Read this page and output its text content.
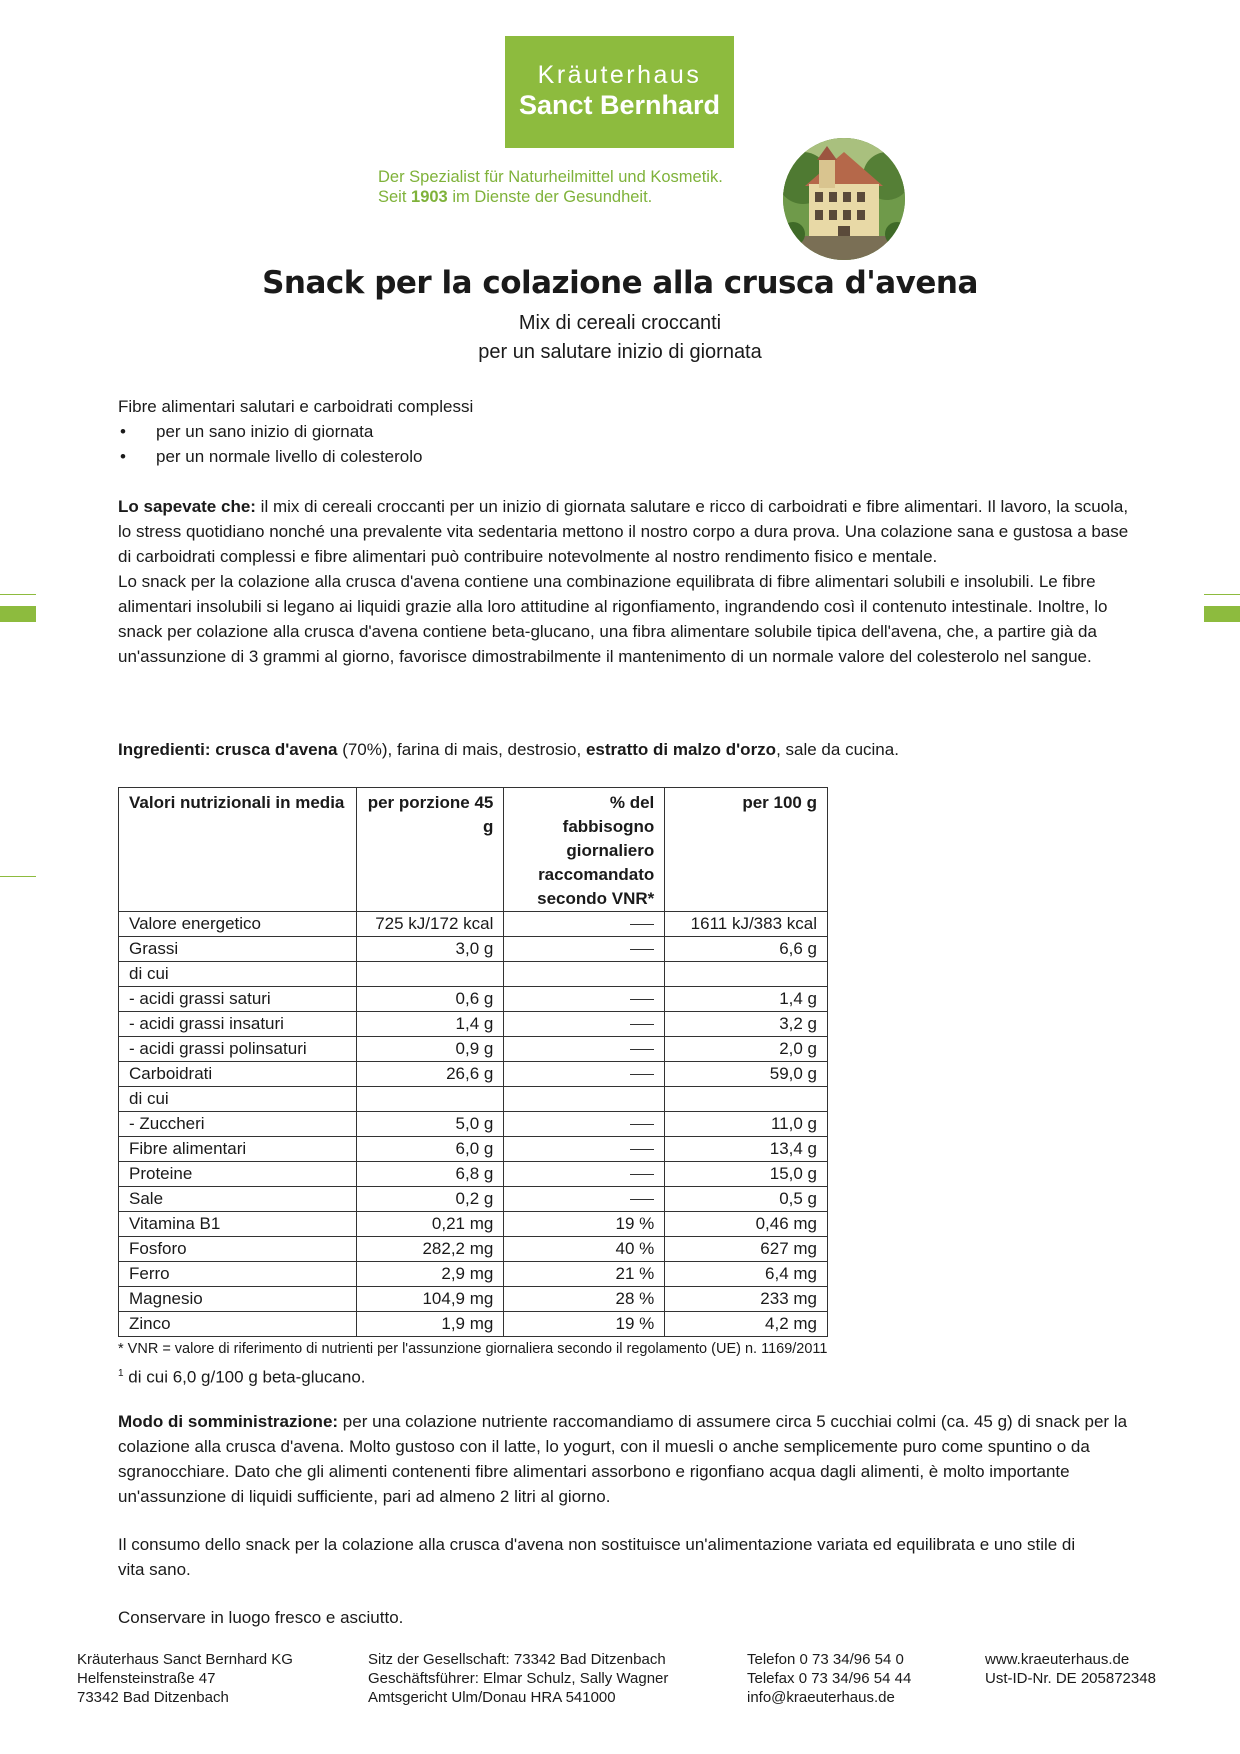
Kräuterhaus
Sanct Bernhard
Der Spezialist für Naturheilmittel und Kosmetik.
Seit 1903 im Dienste der Gesundheit.
Snack per la colazione alla crusca d'avena
Mix di cereali croccanti
per un salutare inizio di giornata

Fibre alimentari salutari e carboidrati complessi

• per un sano inizio di giornata

• per un normale livello di colesterolo

Lo sapevate che: il mix di cereali croccanti per un inizio di giornata salutare e ricco di carboidrati e fibre alimentari. Il lavoro, la scuola, lo stress quotidiano nonché una prevalente vita sedentaria mettono il nostro corpo a dura prova. Una colazione sana e gustosa a base di carboidrati complessi e fibre alimentari può contribuire notevolmente al nostro rendimento fisico e mentale.

Lo snack per la colazione alla crusca d'avena contiene una combinazione equilibrata di fibre alimentari solubili e insolubili. Le fibre alimentari insolubili si legano ai liquidi grazie alla loro attitudine al rigonfiamento, ingrandendo così il contenuto intestinale. Inoltre, lo snack per colazione alla crusca d'avena contiene beta-glucano, una fibra alimentare solubile tipica dell'avena, che, a partire già da un'assunzione di 3 grammi al giorno, favorisce dimostrabilmente il mantenimento di un normale valore del colesterolo nel sangue.

Ingredienti: crusca d'avena (70%), farina di mais, destrosio, estratto di malzo d'orzo, sale da cucina.

Valori nutrizionali in media	per porzione 45 g	% del fabbisogno giornaliero raccomandato secondo VNR*	per 100 g
Valore energetico	725 kJ/172 kcal		1611 kJ/383 kcal
Grassi	3,0 g		6,6 g
di cui			
- acidi grassi saturi	0,6 g		1,4 g
- acidi grassi insaturi	1,4 g		3,2 g
- acidi grassi polinsaturi	0,9 g		2,0 g
Carboidrati	26,6 g		59,0 g
di cui			
- Zuccheri	5,0 g		11,0 g
Fibre alimentari	6,0 g		13,4 g
Proteine	6,8 g		15,0 g
Sale	0,2 g		0,5 g
Vitamina B1	0,21 mg	19 %	0,46 mg
Fosforo	282,2 mg	40 %	627 mg
Ferro	2,9 mg	21 %	6,4 mg
Magnesio	104,9 mg	28 %	233 mg
Zinco	1,9 mg	19 %	4,2 mg
* VNR = valore di riferimento di nutrienti per l'assunzione giornaliera secondo il regolamento (UE) n. 1169/2011
$^1$ di cui 6,0 g/100 g beta-glucano.

Modo di somministrazione: per una colazione nutriente raccomandiamo di assumere circa 5 cucchiai colmi (ca. 45 g) di snack per la colazione alla crusca d'avena. Molto gustoso con il latte, lo yogurt, con il muesli o anche semplicemente puro come spuntino o da sgranocchiare. Dato che gli alimenti contenenti fibre alimentari assorbono e rigonfiano acqua dagli alimenti, è molto importante un'assunzione di liquidi sufficiente, pari ad almeno 2 litri al giorno.

Il consumo dello snack per la colazione alla crusca d'avena non sostituisce un'alimentazione variata ed equilibrata e uno stile di vita sano.
Conservare in luogo fresco e asciutto.
Kräuterhaus Sanct Bernhard KG
Helfensteinstraße 47
73342 Bad Ditzenbach
Sitz der Gesellschaft: 73342 Bad Ditzenbach
Geschäftsführer: Elmar Schulz, Sally Wagner
Amtsgericht Ulm/Donau HRA 541000
Telefon 0 73 34/96 54 0
Telefax 0 73 34/96 54 44
info@kraeuterhaus.de
www.kraeuterhaus.de
Ust-ID-Nr. DE 205872348
